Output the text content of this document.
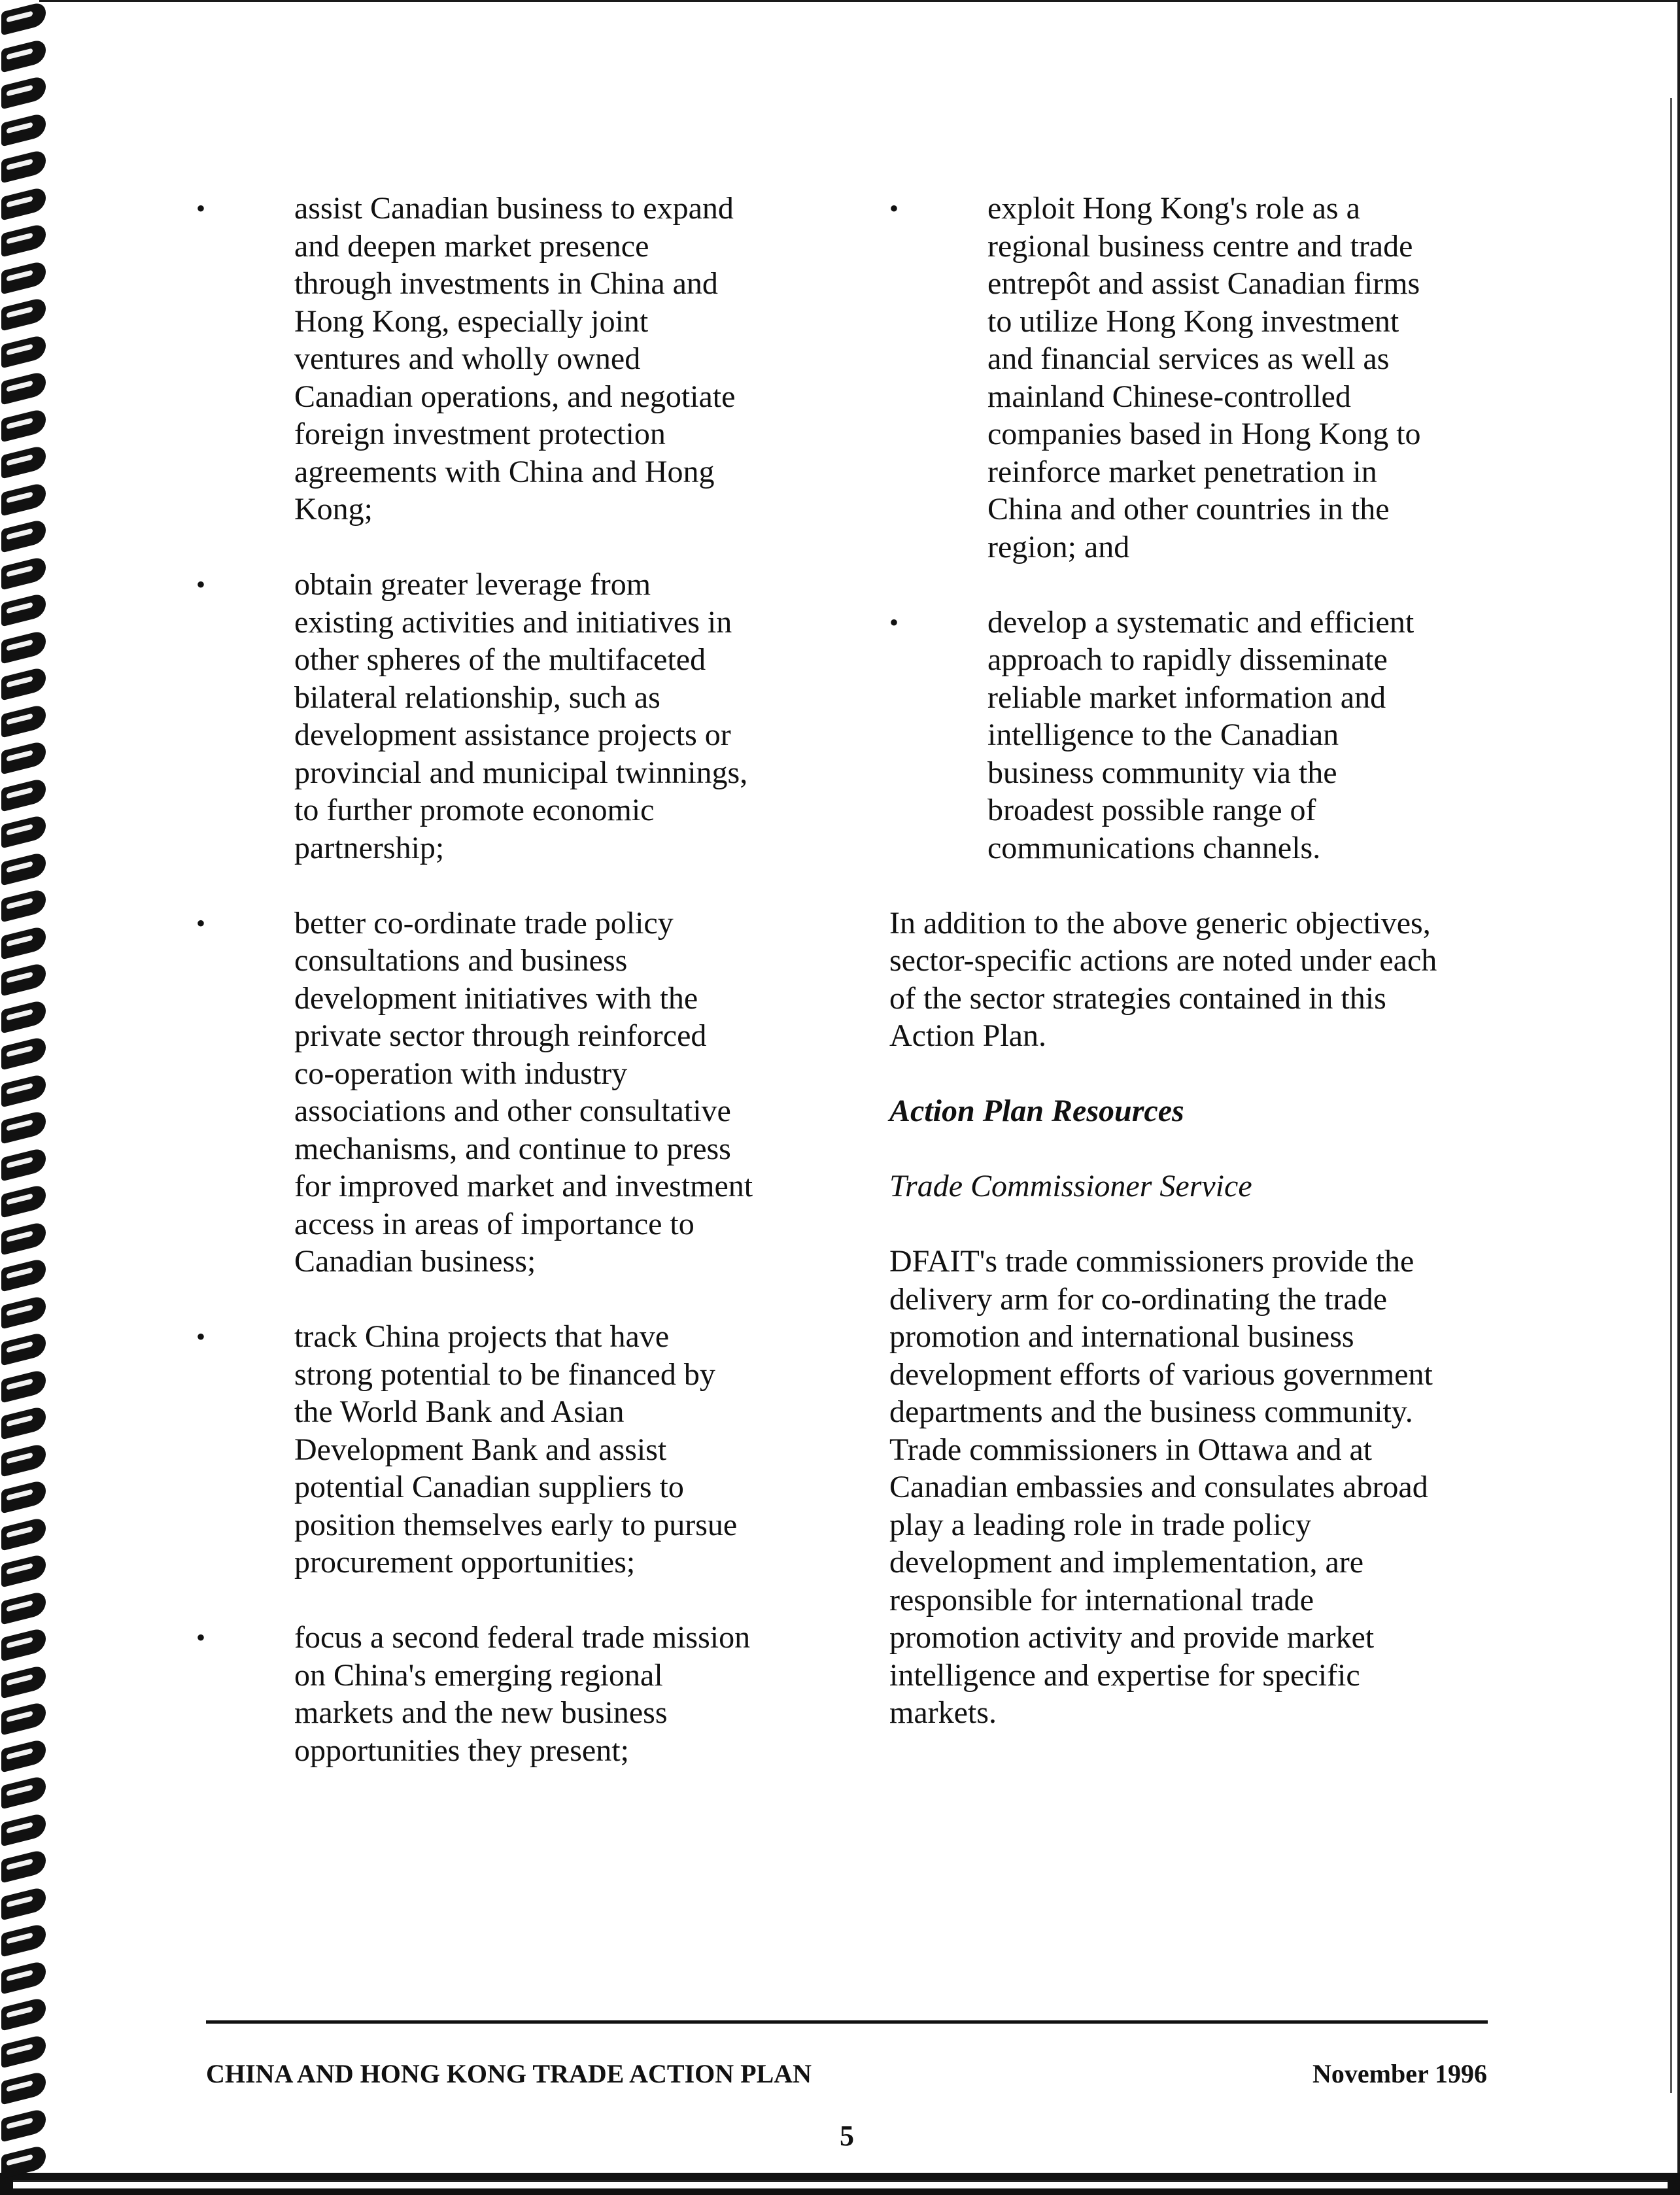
•	assist Canadian business to expand
and deepen market presence
through investments in China and
Hong Kong, especially joint
ventures and wholly owned
Canadian operations, and negotiate
foreign investment protection
agreements with China and Hong
Kong;
•	obtain greater leverage from
existing activities and initiatives in
other spheres of the multifaceted
bilateral relationship, such as
development assistance projects or
provincial and municipal twinnings,
to further promote economic
partnership;
•	better co-ordinate trade policy
consultations and business
development initiatives with the
private sector through reinforced
co-operation with industry
associations and other consultative
mechanisms, and continue to press
for improved market and investment
access in areas of importance to
Canadian business;
•	track China projects that have
strong potential to be financed by
the World Bank and Asian
Development Bank and assist
potential Canadian suppliers to
position themselves early to pursue
procurement opportunities;
•	focus a second federal trade mission
on China's emerging regional
markets and the new business
opportunities they present;
•	exploit Hong Kong's role as a
regional business centre and trade
entrepôt and assist Canadian firms
to utilize Hong Kong investment
and financial services as well as
mainland Chinese-controlled
companies based in Hong Kong to
reinforce market penetration in
China and other countries in the
region; and
•	develop a systematic and efficient
approach to rapidly disseminate
reliable market information and
intelligence to the Canadian
business community via the
broadest possible range of
communications channels.

In addition to the above generic objectives,
sector-specific actions are noted under each
of the sector strategies contained in this
Action Plan.

Action Plan Resources

Trade Commissioner Service

DFAIT's trade commissioners provide the
delivery arm for co-ordinating the trade
promotion and international business
development efforts of various government
departments and the business community.
Trade commissioners in Ottawa and at
Canadian embassies and consulates abroad
play a leading role in trade policy
development and implementation, are
responsible for international trade
promotion activity and provide market
intelligence and expertise for specific
markets.

CHINA AND HONG KONG TRADE ACTION PLAN	November 1996
5
